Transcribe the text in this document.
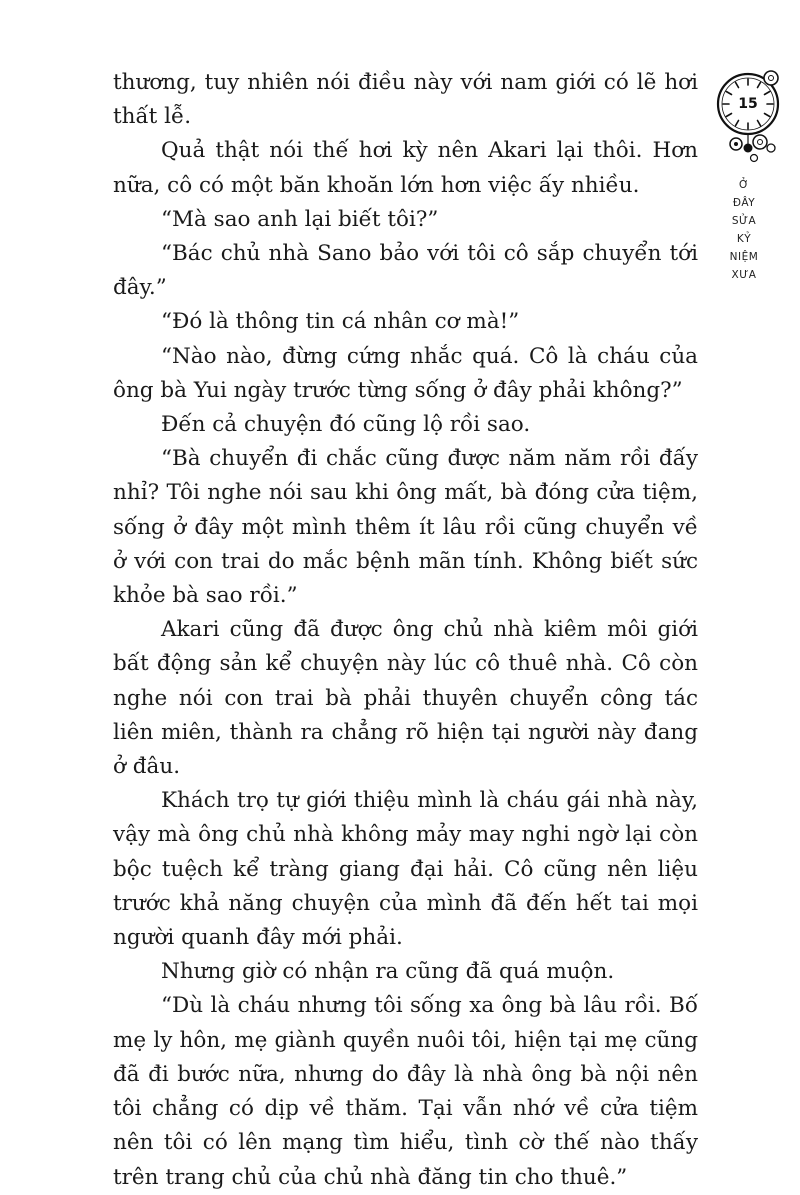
thương, tuy nhiên nói điều này với nam giới có lẽ hơi thất lễ.

Quả thật nói thế hơi kỳ nên Akari lại thôi. Hơn nữa, cô có một băn khoăn lớn hơn việc ấy nhiều.

“Mà sao anh lại biết tôi?”

“Bác chủ nhà Sano bảo với tôi cô sắp chuyển tới đây.”

“Đó là thông tin cá nhân cơ mà!”

“Nào nào, đừng cứng nhắc quá. Cô là cháu của ông bà Yui ngày trước từng sống ở đây phải không?”

Đến cả chuyện đó cũng lộ rồi sao.

“Bà chuyển đi chắc cũng được năm năm rồi đấy nhỉ? Tôi nghe nói sau khi ông mất, bà đóng cửa tiệm, sống ở đây một mình thêm ít lâu rồi cũng chuyển về ở với con trai do mắc bệnh mãn tính. Không biết sức khỏe bà sao rồi.”

Akari cũng đã được ông chủ nhà kiêm môi giới bất động sản kể chuyện này lúc cô thuê nhà. Cô còn nghe nói con trai bà phải thuyên chuyển công tác liên miên, thành ra chẳng rõ hiện tại người này đang ở đâu.

Khách trọ tự giới thiệu mình là cháu gái nhà này, vậy mà ông chủ nhà không mảy may nghi ngờ lại còn bộc tuệch kể tràng giang đại hải. Cô cũng nên liệu trước khả năng chuyện của mình đã đến hết tai mọi người quanh đây mới phải.

Nhưng giờ có nhận ra cũng đã quá muộn.

“Dù là cháu nhưng tôi sống xa ông bà lâu rồi. Bố mẹ ly hôn, mẹ giành quyền nuôi tôi, hiện tại mẹ cũng đã đi bước nữa, nhưng do đây là nhà ông bà nội nên tôi chẳng có dịp về thăm. Tại vẫn nhớ về cửa tiệm nên tôi có lên mạng tìm hiểu, tình cờ thế nào thấy trên trang chủ của chủ nhà đăng tin cho thuê.”

15
Ở
ĐÂY
SỬA
KỶ
NIỆM
XƯA
